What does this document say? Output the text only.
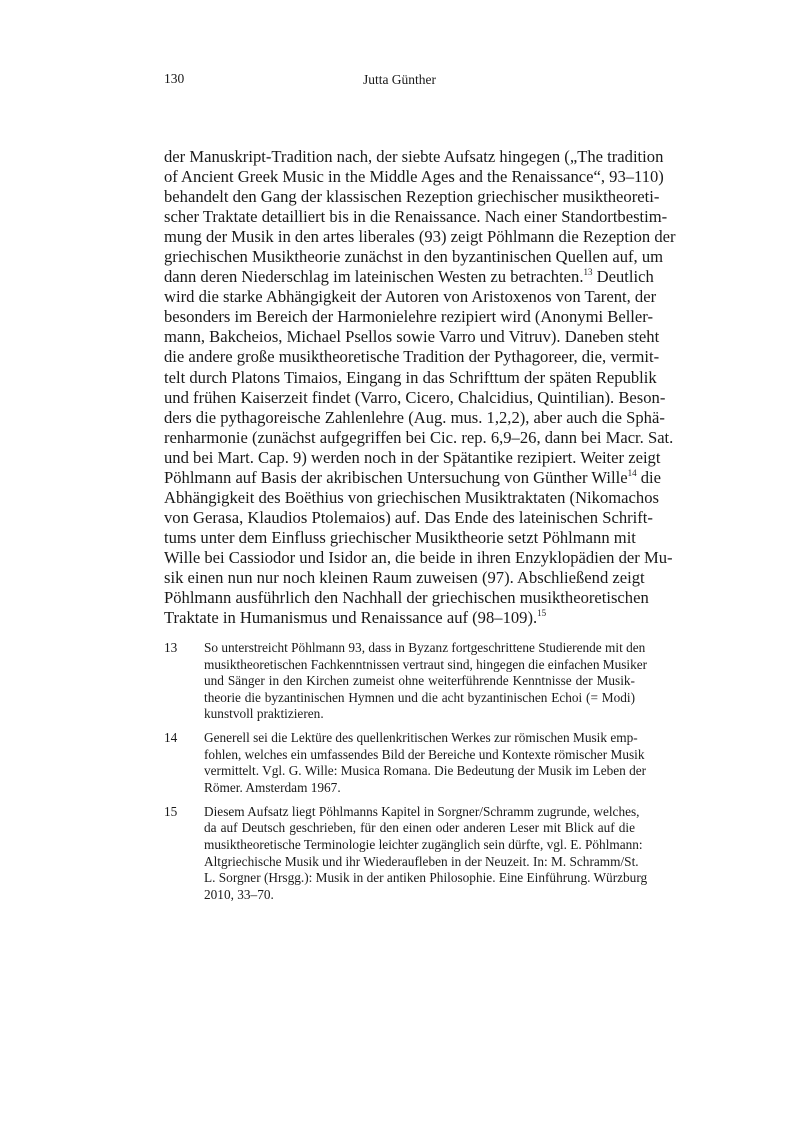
130	Jutta Günther
der Manuskript-Tradition nach, der siebte Aufsatz hingegen („The tradition
of Ancient Greek Music in the Middle Ages and the Renaissance“, 93–110)
behandelt den Gang der klassischen Rezeption griechischer musiktheoreti-
scher Traktate detailliert bis in die Renaissance. Nach einer Standortbestim-
mung der Musik in den artes liberales (93) zeigt Pöhlmann die Rezeption der
griechischen Musiktheorie zunächst in den byzantinischen Quellen auf, um
dann deren Niederschlag im lateinischen Westen zu betrachten.$^{13}$ Deutlich
wird die starke Abhängigkeit der Autoren von Aristoxenos von Tarent, der
besonders im Bereich der Harmonielehre rezipiert wird (Anonymi Beller-
mann, Bakcheios, Michael Psellos sowie Varro und Vitruv). Daneben steht
die andere große musiktheoretische Tradition der Pythagoreer, die, vermit-
telt durch Platons Timaios, Eingang in das Schrifttum der späten Republik
und frühen Kaiserzeit findet (Varro, Cicero, Chalcidius, Quintilian). Beson-
ders die pythagoreische Zahlenlehre (Aug. mus. 1,2,2), aber auch die Sphä-
renharmonie (zunächst aufgegriffen bei Cic. rep. 6,9–26, dann bei Macr. Sat.
und bei Mart. Cap. 9) werden noch in der Spätantike rezipiert. Weiter zeigt
Pöhlmann auf Basis der akribischen Untersuchung von Günther Wille$^{14}$ die
Abhängigkeit des Boëthius von griechischen Musiktraktaten (Nikomachos
von Gerasa, Klaudios Ptolemaios) auf. Das Ende des lateinischen Schrift-
tums unter dem Einfluss griechischer Musiktheorie setzt Pöhlmann mit
Wille bei Cassiodor und Isidor an, die beide in ihren Enzyklopädien der Mu-
sik einen nun nur noch kleinen Raum zuweisen (97). Abschließend zeigt
Pöhlmann ausführlich den Nachhall der griechischen musiktheoretischen
Traktate in Humanismus und Renaissance auf (98–109).$^{15}$
13 So unterstreicht Pöhlmann 93, dass in Byzanz fortgeschrittene Studierende mit den
musiktheoretischen Fachkenntnissen vertraut sind, hingegen die einfachen Musiker
und Sänger in den Kirchen zumeist ohne weiterführende Kenntnisse der Musik-
theorie die byzantinischen Hymnen und die acht byzantinischen Echoi (= Modi)
kunstvoll praktizieren.
14 Generell sei die Lektüre des quellenkritischen Werkes zur römischen Musik emp-
fohlen, welches ein umfassendes Bild der Bereiche und Kontexte römischer Musik
vermittelt. Vgl. G. Wille: Musica Romana. Die Bedeutung der Musik im Leben der
Römer. Amsterdam 1967.
15 Diesem Aufsatz liegt Pöhlmanns Kapitel in Sorgner/Schramm zugrunde, welches,
da auf Deutsch geschrieben, für den einen oder anderen Leser mit Blick auf die
musiktheoretische Terminologie leichter zugänglich sein dürfte, vgl. E. Pöhlmann:
Altgriechische Musik und ihr Wiederaufleben in der Neuzeit. In: M. Schramm/St.
L. Sorgner (Hrsgg.): Musik in der antiken Philosophie. Eine Einführung. Würzburg
2010, 33–70.
